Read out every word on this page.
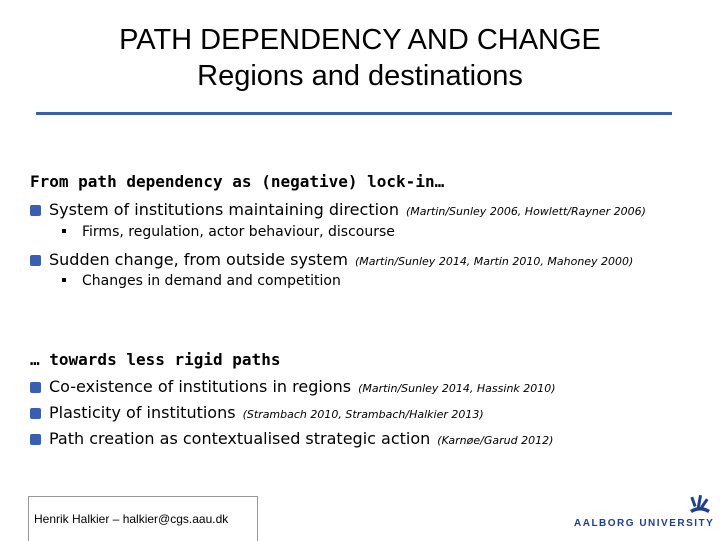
PATH DEPENDENCY AND CHANGE
Regions and destinations
From path dependency as (negative) lock-in…
System of institutions maintaining direction (Martin/Sunley 2006, Howlett/Rayner 2006)
Firms, regulation, actor behaviour, discourse
Sudden change, from outside system (Martin/Sunley 2014, Martin 2010, Mahoney 2000)
Changes in demand and competition
… towards less rigid paths
Co-existence of institutions in regions (Martin/Sunley 2014, Hassink 2010)
Plasticity of institutions (Strambach 2010, Strambach/Halkier 2013)
Path creation as contextualised strategic action (Karnøe/Garud 2012)
Henrik Halkier – halkier@cgs.aau.dk	AALBORG UNIVERSITY
